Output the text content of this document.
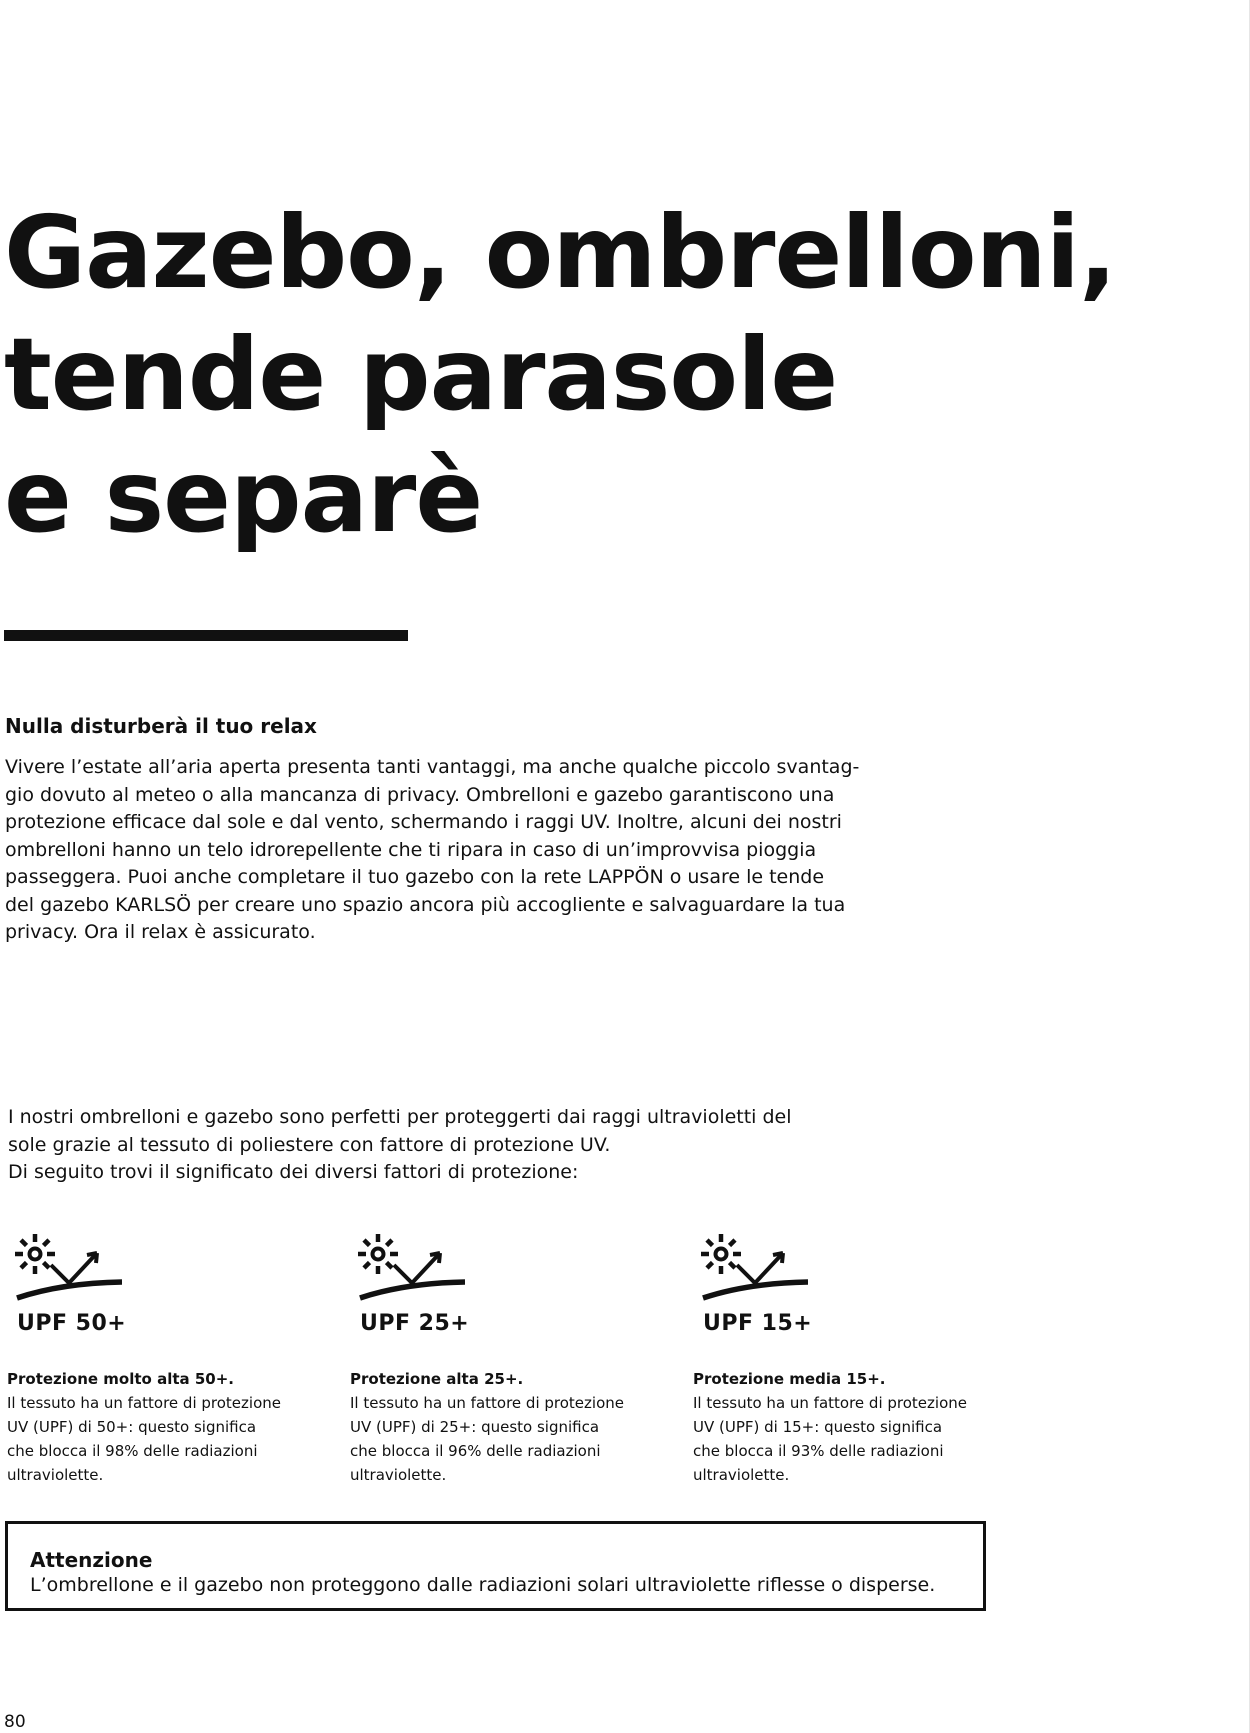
Gazebo, ombrelloni,
tende parasole
e separè
Nulla disturberà il tuo relax

Vivere l’estate all’aria aperta presenta tanti vantaggi, ma anche qualche piccolo svantag-
gio dovuto al meteo o alla mancanza di privacy. Ombrelloni e gazebo garantiscono una
protezione efficace dal sole e dal vento, schermando i raggi UV. Inoltre, alcuni dei nostri
ombrelloni hanno un telo idrorepellente che ti ripara in caso di un’improvvisa pioggia
passeggera. Puoi anche completare il tuo gazebo con la rete LAPPÖN o usare le tende
del gazebo KARLSÖ per creare uno spazio ancora più accogliente e salvaguardare la tua
privacy. Ora il relax è assicurato.

I nostri ombrelloni e gazebo sono perfetti per proteggerti dai raggi ultravioletti del
sole grazie al tessuto di poliestere con fattore di protezione UV.
Di seguito trovi il significato dei diversi fattori di protezione:

UPF 50+

Protezione molto alta 50+.

Il tessuto ha un fattore di protezione
UV (UPF) di 50+: questo significa
che blocca il 98% delle radiazioni
ultraviolette.

UPF 25+

Protezione alta 25+.

Il tessuto ha un fattore di protezione
UV (UPF) di 25+: questo significa
che blocca il 96% delle radiazioni
ultraviolette.

UPF 15+

Protezione media 15+.

Il tessuto ha un fattore di protezione
UV (UPF) di 15+: questo significa
che blocca il 93% delle radiazioni
ultraviolette.

Attenzione

L’ombrellone e il gazebo non proteggono dalle radiazioni solari ultraviolette riflesse o disperse.

80
